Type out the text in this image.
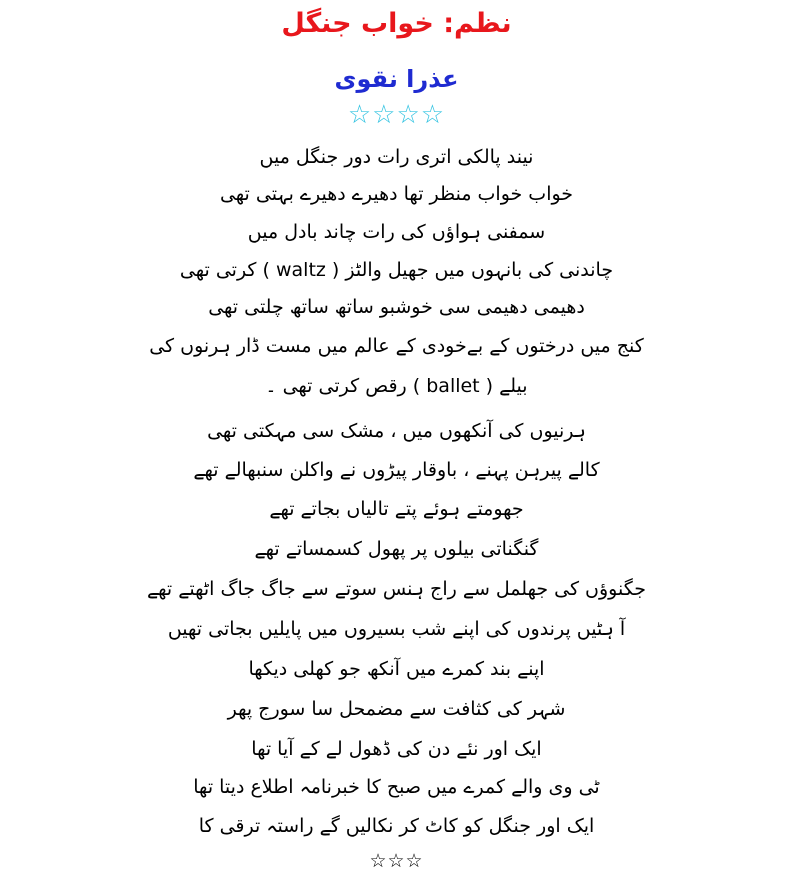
نظم: خواب جنگل
عذرا نقوی
☆☆☆☆
نیند پالکی اتری رات دور جنگل میں
خواب خواب منظر تھا دھیرے دھیرے بہتی تھی
سمفنی ہواؤں کی رات چاند بادل میں
چاندنی کی بانہوں میں جھیل والٹز ( waltz ) کرتی تھی
دھیمی دھیمی سی خوشبو ساتھ ساتھ چلتی تھی
کنج میں درختوں کے بےخودی کے عالم میں مست ڈار ہرنوں کی
بیلے ( ballet ) رقص کرتی تھی ۔
ہرنیوں کی آنکھوں میں ، مشک سی مہکتی تھی
کالے پیرہن پہنے ، باوقار پیڑوں نے واکلن سنبھالے تھے
جھومتے ہوئے پتے تالیاں بجاتے تھے
گنگناتی بیلوں پر پھول کسمساتے تھے
جگنوؤں کی جھلمل سے راج ہنس سوتے سے جاگ جاگ اٹھتے تھے
آ ہٹیں پرندوں کی اپنے شب بسیروں میں پایلیں بجاتی تھیں
اپنے بند کمرے میں آنکھ جو کھلی دیکھا
شہر کی کثافت سے مضمحل سا سورج پھر
ایک اور نئے دن کی ڈھول لے کے آیا تھا
ٹی وی والے کمرے میں صبح کا خبرنامہ اطلاع دیتا تھا
ایک اور جنگل کو کاٹ کر نکالیں گے راستہ ترقی کا
☆☆☆
